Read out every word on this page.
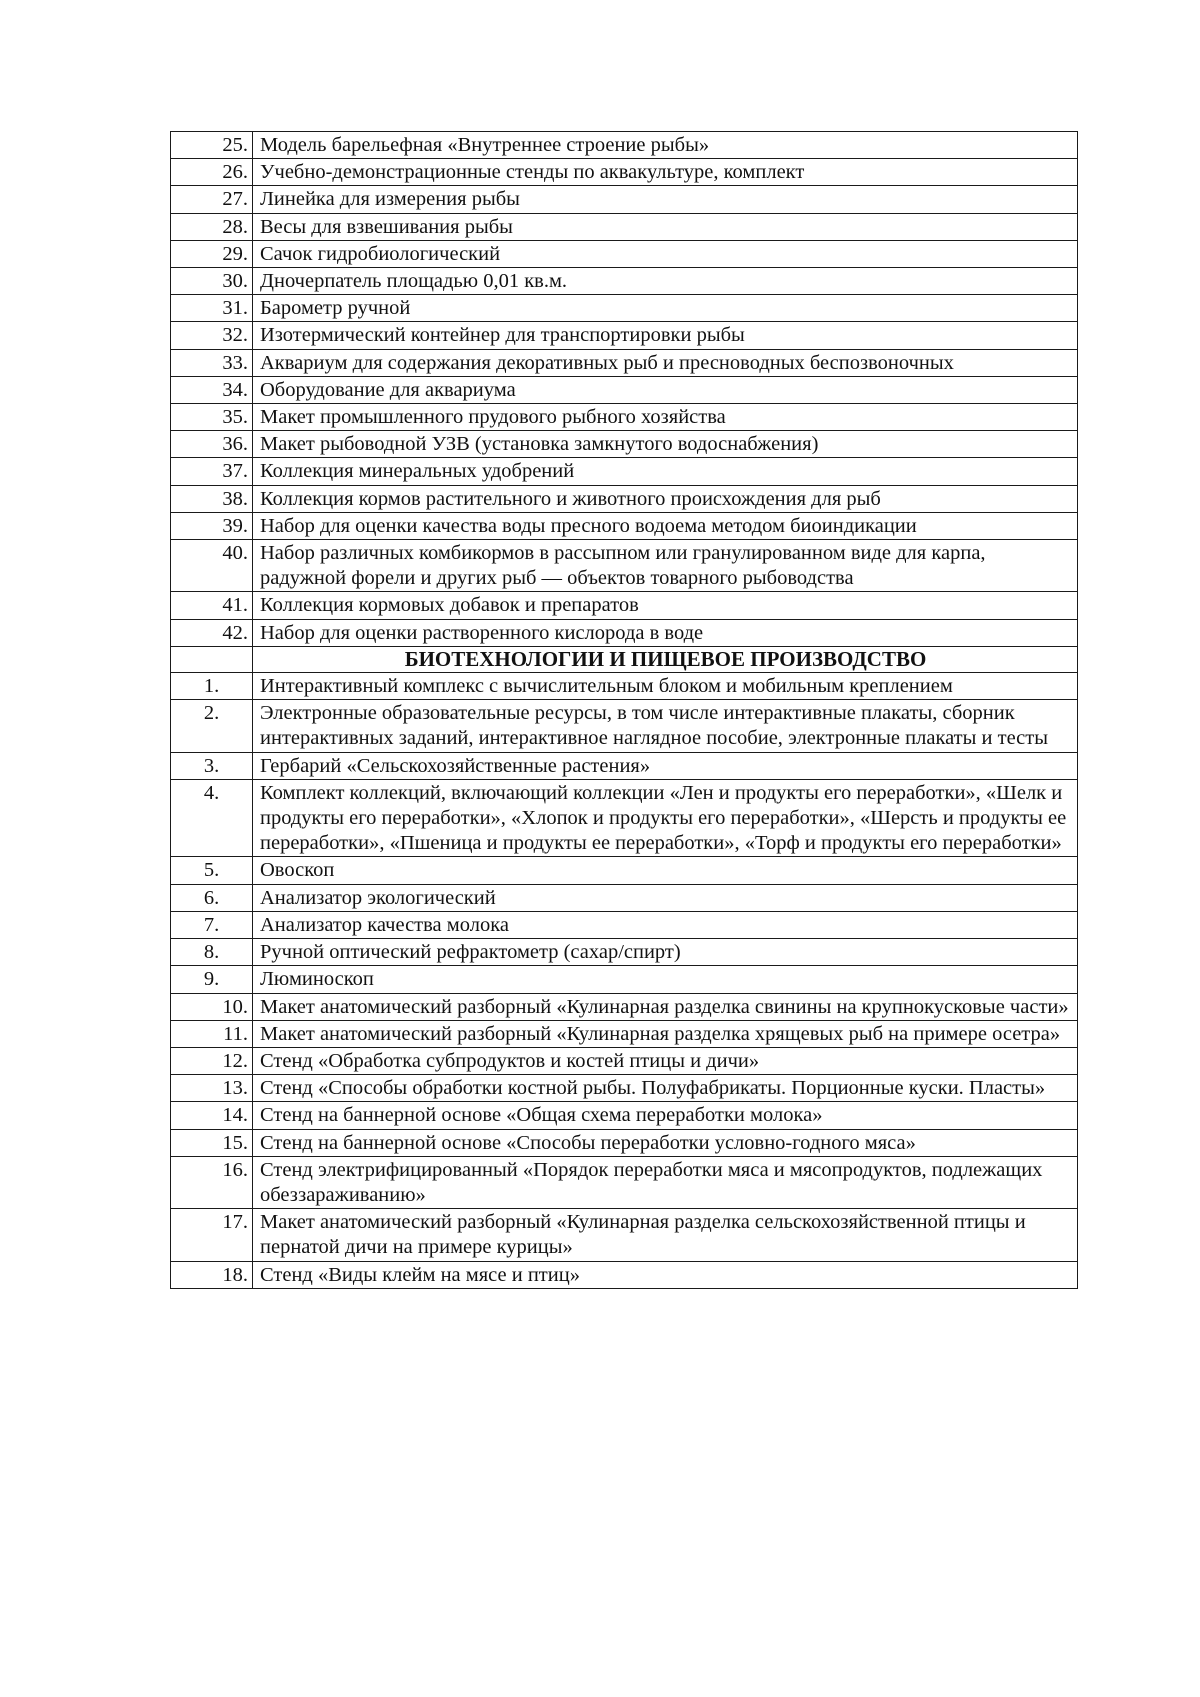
25.	Модель барельефная «Внутреннее строение рыбы»
26.	Учебно-демонстрационные стенды по аквакультуре, комплект
27.	Линейка для измерения рыбы
28.	Весы для взвешивания рыбы
29.	Сачок гидробиологический
30.	Дночерпатель площадью 0,01 кв.м.
31.	Барометр ручной
32.	Изотермический контейнер для транспортировки рыбы
33.	Аквариум для содержания декоративных рыб и пресноводных беспозвоночных
34.	Оборудование для аквариума
35.	Макет промышленного прудового рыбного хозяйства
36.	Макет рыбоводной УЗВ (установка замкнутого водоснабжения)
37.	Коллекция минеральных удобрений
38.	Коллекция кормов растительного и животного происхождения для рыб
39.	Набор для оценки качества воды пресного водоема методом биоиндикации
40.	Набор различных комбикормов в рассыпном или гранулированном виде для карпа, радужной форели и других рыб — объектов товарного рыбоводства
41.	Коллекция кормовых добавок и препаратов
42.	Набор для оценки растворенного кислорода в воде
	БИОТЕХНОЛОГИИ И ПИЩЕВОЕ ПРОИЗВОДСТВО
1.	Интерактивный комплекс с вычислительным блоком и мобильным креплением
2.	Электронные образовательные ресурсы, в том числе интерактивные плакаты, сборник интерактивных заданий, интерактивное наглядное пособие, электронные плакаты и тесты
3.	Гербарий «Сельскохозяйственные растения»
4.	Комплект коллекций, включающий коллекции «Лен и продукты его переработки», «Шелк и продукты его переработки», «Хлопок и продукты его переработки», «Шерсть и продукты ее переработки», «Пшеница и продукты ее переработки», «Торф и продукты его переработки»
5.	Овоскоп
6.	Анализатор экологический
7.	Анализатор качества молока
8.	Ручной оптический рефрактометр (сахар/спирт)
9.	Люминоскоп
10.	Макет анатомический разборный «Кулинарная разделка свинины на крупнокусковые части»
11.	Макет анатомический разборный «Кулинарная разделка хрящевых рыб на примере осетра»
12.	Стенд «Обработка субпродуктов и костей птицы и дичи»
13.	Стенд «Способы обработки костной рыбы. Полуфабрикаты. Порционные куски. Пласты»
14.	Стенд на баннерной основе «Общая схема переработки молока»
15.	Стенд на баннерной основе «Способы переработки условно-годного мяса»
16.	Стенд электрифицированный «Порядок переработки мяса и мясопродуктов, подлежащих обеззараживанию»
17.	Макет анатомический разборный «Кулинарная разделка сельскохозяйственной птицы и пернатой дичи на примере курицы»
18.	Стенд «Виды клейм на мясе и птиц»
